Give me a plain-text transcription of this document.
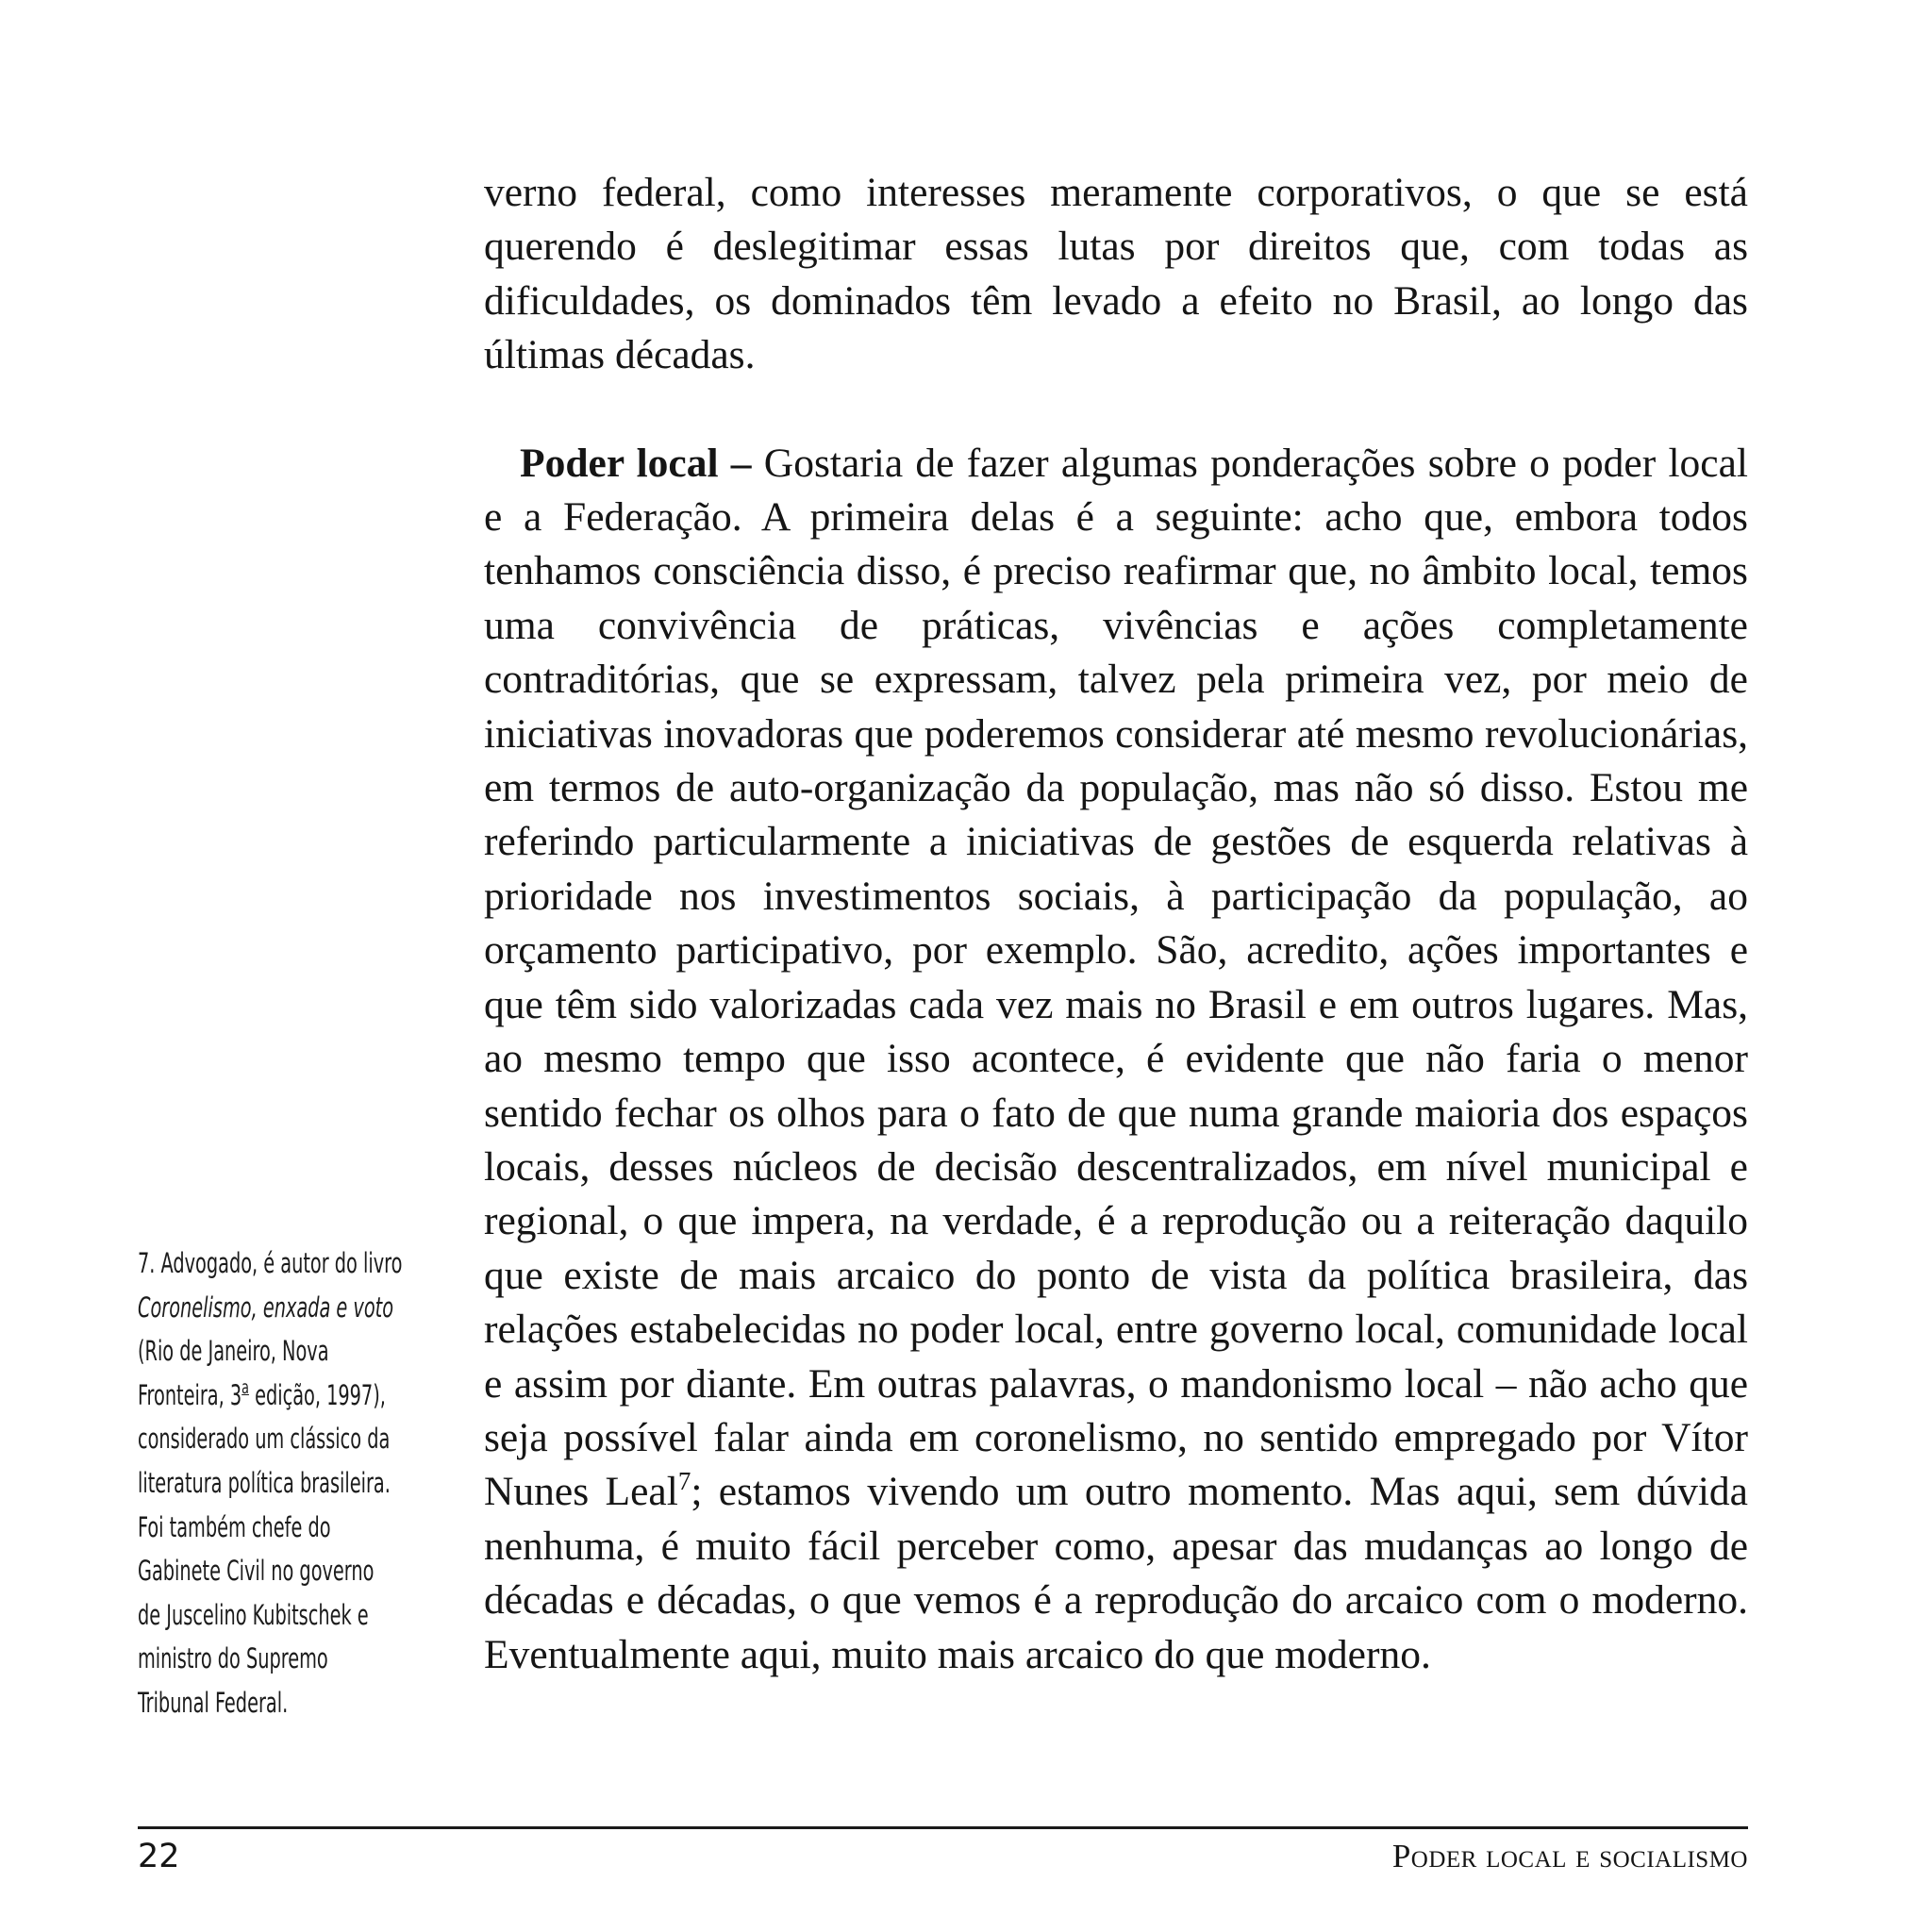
verno federal, como interesses meramente corporativos, o que se está querendo é deslegitimar essas lutas por direitos que, com todas as dificuldades, os dominados têm levado a efeito no Brasil, ao longo das últimas décadas.

Poder local – Gostaria de fazer algumas ponderações sobre o poder local e a Federação. A primeira delas é a seguinte: acho que, embora todos tenhamos consciência disso, é preciso reafirmar que, no âmbito local, temos uma convivência de práticas, vivências e ações completamente contraditórias, que se expressam, talvez pela primeira vez, por meio de iniciativas inovadoras que poderemos considerar até mesmo revolucionárias, em termos de auto-organização da população, mas não só disso. Estou me referindo particularmente a iniciativas de gestões de esquerda relativas à prioridade nos investimentos sociais, à participação da população, ao orçamento participativo, por exemplo. São, acredito, ações importantes e que têm sido valorizadas cada vez mais no Brasil e em outros lugares. Mas, ao mesmo tempo que isso acontece, é evidente que não faria o menor sentido fechar os olhos para o fato de que numa grande maioria dos espaços locais, desses núcleos de decisão descentralizados, em nível municipal e regional, o que impera, na verdade, é a reprodução ou a reiteração daquilo que existe de mais arcaico do ponto de vista da política brasileira, das relações estabelecidas no poder local, entre governo local, comunidade local e assim por diante. Em outras palavras, o mandonismo local – não acho que seja possível falar ainda em coronelismo, no sentido empregado por Vítor Nunes Leal$^7$; estamos vivendo um outro momento. Mas aqui, sem dúvida nenhuma, é muito fácil perceber como, apesar das mudanças ao longo de décadas e décadas, o que vemos é a reprodução do arcaico com o moderno. Eventualmente aqui, muito mais arcaico do que moderno.

7. Advogado, é autor do livro
Coronelismo, enxada e voto
(Rio de Janeiro, Nova
Fronteira, 3$^a$ edição, 1997),
considerado um clássico da
literatura política brasileira.
Foi também chefe do
Gabinete Civil no governo
de Juscelino Kubitschek e
ministro do Supremo
Tribunal Federal.
22	Poder local e socialismo
